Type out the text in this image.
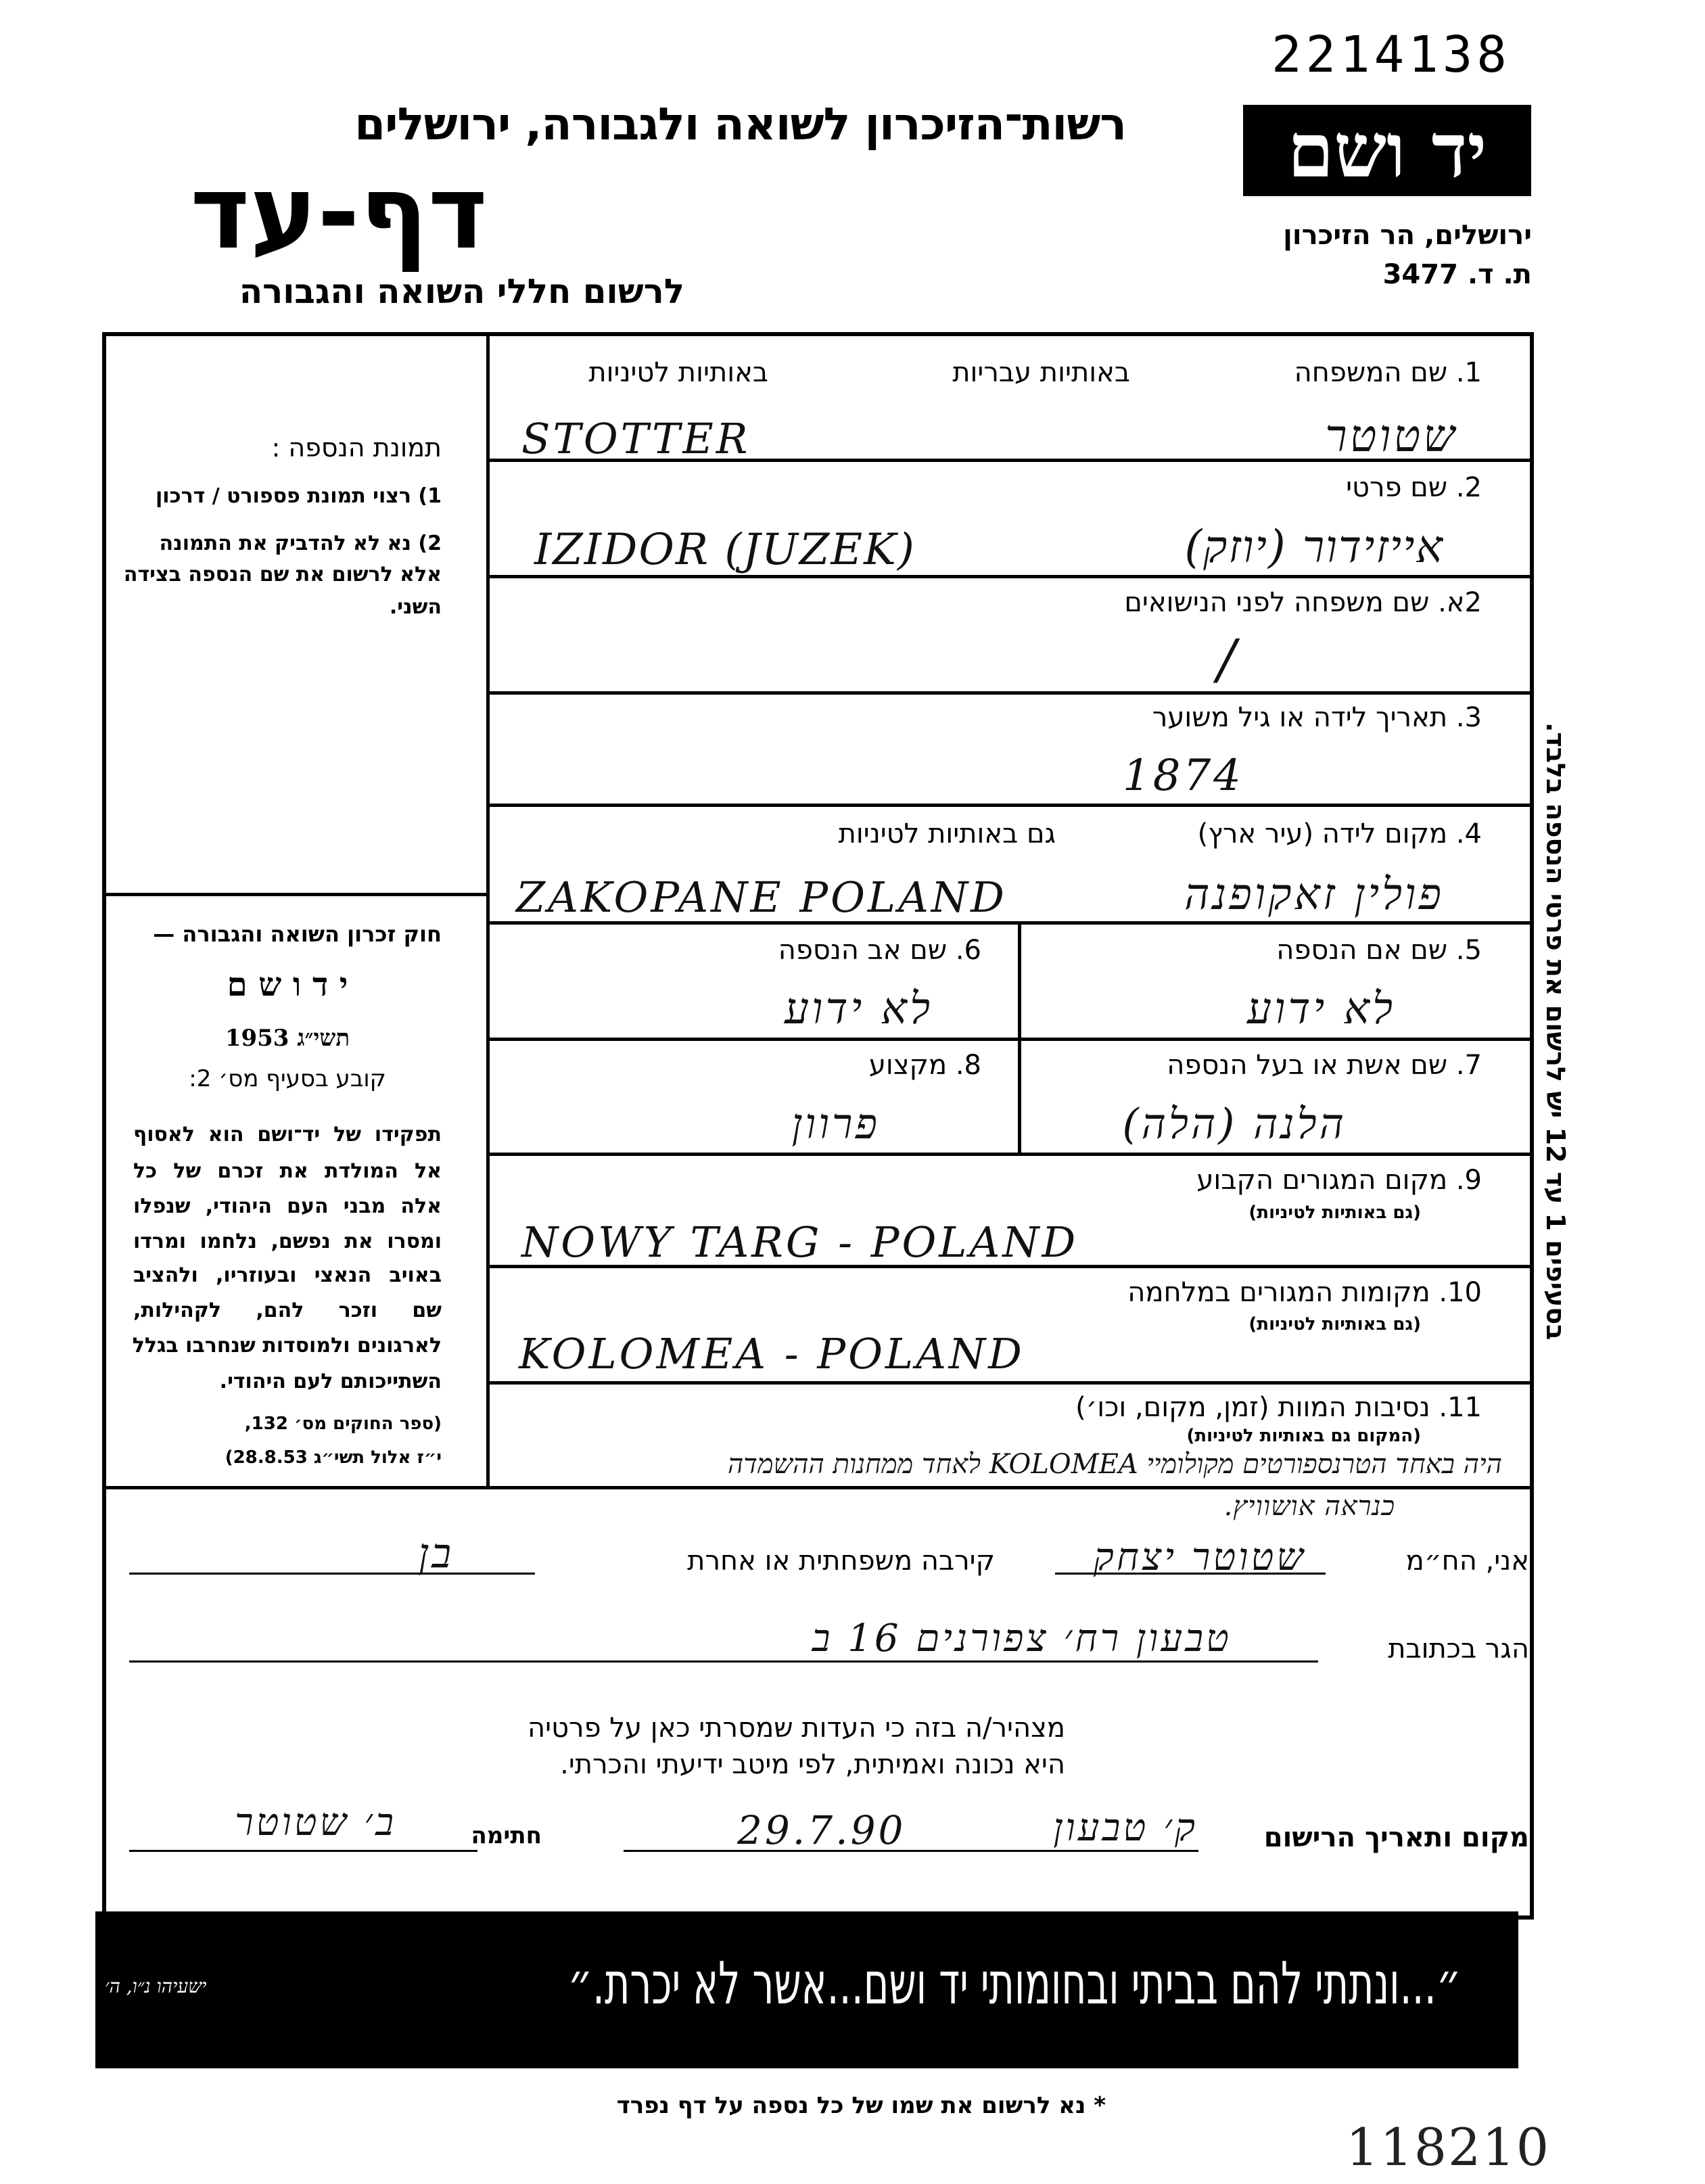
2214138
רשות־הזיכרון לשואה ולגבורה, ירושלים
דף-עד
לרשום חללי השואה והגבורה
יד ושם
ירושלים, הר הזיכרון
ת. ד. 3477
תמונת הנספה :
1) רצוי תמונת פספורט / דרכון
2) נא לא להדביק את התמונה
אלא לרשום את שם הנספה בצידה
השני.
חוק זכרון השואה והגבורה —
י ד ו ש ם
תשי״ג 1953
קובע בסעיף מס׳ 2:
תפקידו של יד־ושם הוא לאסוף
אל המולדת את זכרם של כל
אלה מבני העם היהודי, שנפלו
ומסרו את נפשם, נלחמו ומרדו
באויב הנאצי ובעוזריו, ולהציב
שם וזכר להם, לקהילות,
לארגונים ולמוסדות שנחרבו בגלל
השתייכותם לעם היהודי.
(ספר החוקים מס׳ 132,
י״ז אלול תשי״ג 28.8.53)
1. שם המשפחה
באותיות עבריות
באותיות לטיניות
STOTTER	שטוטר
2. שם פרטי
IZIDOR (JUZEK)	אייזידור (יוזק)
2א. שם משפחה לפני הנישואים
/
3. תאריך לידה או גיל משוער
1874
4. מקום לידה (עיר ארץ)
גם באותיות לטיניות
ZAKOPANE POLAND	פולין זאקופנה
5. שם אם הנספה
לא ידוע
6. שם אב הנספה
לא ידוע
7. שם אשת או בעל הנספה
הלנה (הלה)
8. מקצוע
פרוון
9. מקום המגורים הקבוע
(גם באותיות לטיניות)
NOWY TARG - POLAND
10. מקומות המגורים במלחמה
(גם באותיות לטיניות)
KOLOMEA - POLAND
11. נסיבות המוות (זמן, מקום, וכו׳)
(המקום גם באותיות לטיניות)
היה באחד הטרנספורטים מקולומיי KOLOMEA לאחד ממחנות ההשמדה
כנראה אושוויץ.
אני, הח״מ
שטוטר יצחק
קירבה משפחתית או אחרת
בן
הגר בכתובת
טבעון רח׳ צפורנים 16 ב
מצהיר/ה בזה כי העדות שמסרתי כאן על פרטיה
היא נכונה ואמיתית, לפי מיטב ידיעתי והכרתי.
מקום ותאריך הרישום
ק׳ טבעון
29.7.90
חתימה
ב׳ שטוטר
בסעיפים 1 עד 12 יש לרשום את פרטי הנספה בלבד.
״...ונתתי להם בביתי ובחומותי יד ושם...אשר לא יכרת.״
ישעיהו נ״ו, ה׳
* נא לרשום את שמו של כל נספה על דף נפרד
118210
